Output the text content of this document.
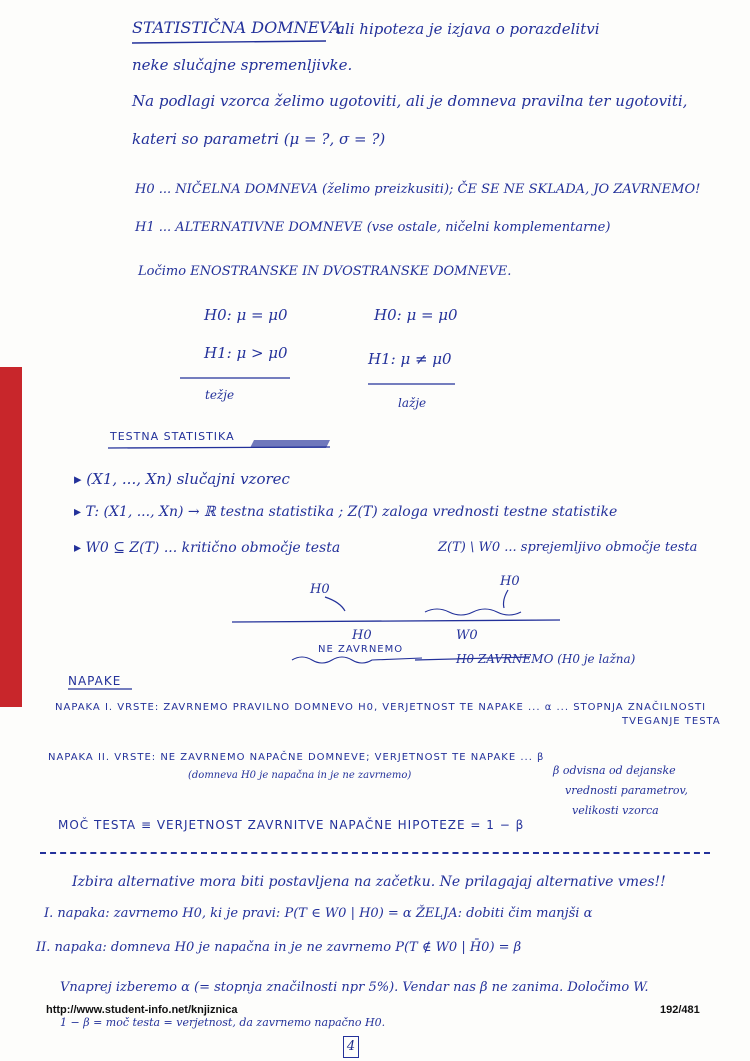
STATISTIČNA DOMNEVA
ali hipoteza je izjava o porazdelitvi
neke slučajne spremenljivke.
Na podlagi vzorca želimo ugotoviti, ali je domneva pravilna ter ugotoviti,
kateri so parametri (μ = ?, σ = ?)
H0 ... NIČELNA DOMNEVA (želimo preizkusiti); ČE SE NE SKLADA, JO ZAVRNEMO!
H1 ... ALTERNATIVNE DOMNEVE (vse ostale, ničelni komplementarne)
Ločimo ENOSTRANSKE IN DVOSTRANSKE DOMNEVE.
H0: μ = μ0
H1: μ > μ0
težje
H0: μ = μ0
H1: μ ≠ μ0
lažje
TESTNA STATISTIKA
▸ (X1, ..., Xn) slučajni vzorec
▸ T: (X1, ..., Xn) → ℝ testna statistika ; Z(T) zaloga vrednosti testne statistike
▸ W0 ⊆ Z(T) ... kritično območje testa	Z(T) \ W0 ... sprejemljivo območje testa
H0
H0
H0	W0
NE ZAVRNEMO
H0 ZAVRNEMO (H0 je lažna)
NAPAKE
NAPAKA I. VRSTE: ZAVRNEMO PRAVILNO DOMNEVO H0, VERJETNOST TE NAPAKE ... α ... STOPNJA ZNAČILNOSTI
TVEGANJE TESTA
NAPAKA II. VRSTE: NE ZAVRNEMO NAPAČNE DOMNEVE; VERJETNOST TE NAPAKE ... β
(domneva H0 je napačna in je ne zavrnemo)	β odvisna od dejanske
vrednosti parametrov,
velikosti vzorca
MOČ TESTA ≡ VERJETNOST ZAVRNITVE NAPAČNE HIPOTEZE = 1 − β
Izbira alternative mora biti postavljena na začetku. Ne prilagajaj alternative vmes!!
I. napaka: zavrnemo H0, ki je pravi: P(T ∈ W0 | H0) = α ŽELJA: dobiti čim manjši α
II. napaka: domneva H0 je napačna in je ne zavrnemo P(T ∉ W0 | H̄0) = β
Vnaprej izberemo α (= stopnja značilnosti npr 5%). Vendar nas β ne zanima. Določimo W.
1 − β = moč testa = verjetnost, da zavrnemo napačno H0.
http://www.student-info.net/knjiznica	192/481
4
